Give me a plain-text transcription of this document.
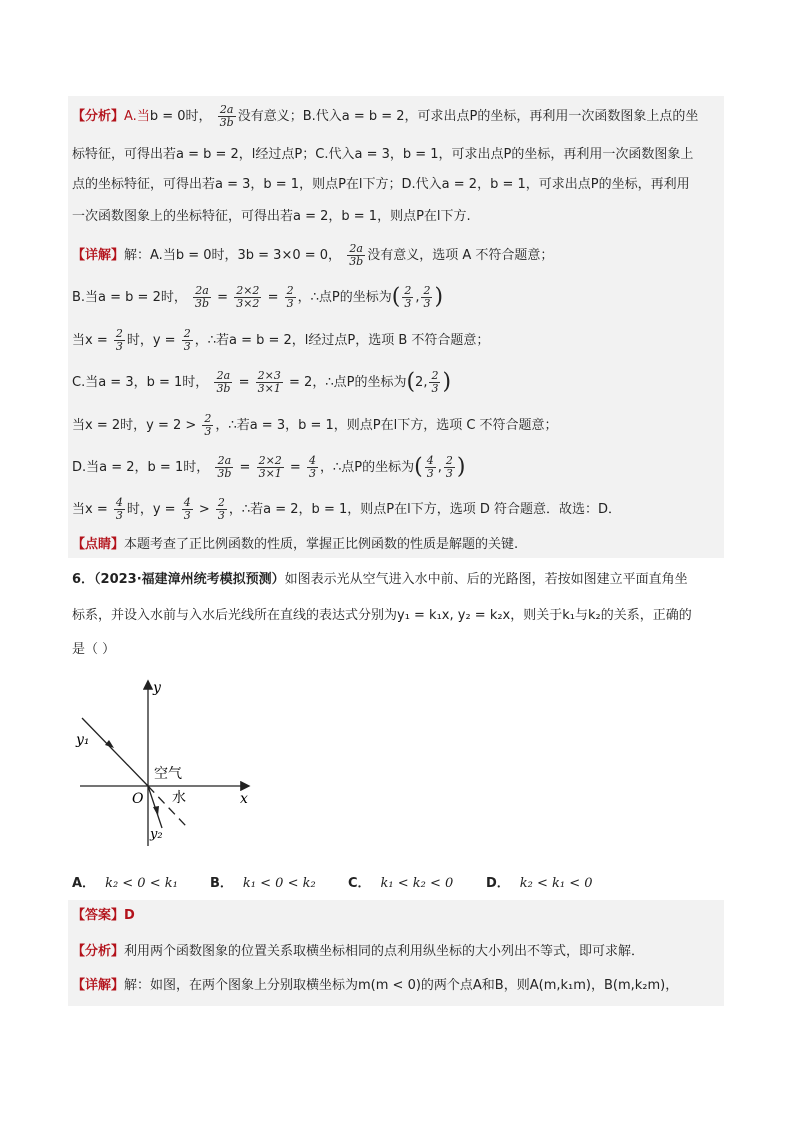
【分析】A.当b = 0时， $\frac{2a}{3b}$ 没有意义；B.代入a = b = 2，可求出点P的坐标，再利用一次函数图象上点的坐
标特征，可得出若a = b = 2，l经过点P；C.代入a = 3，b = 1，可求出点P的坐标，再利用一次函数图象上
点的坐标特征，可得出若a = 3，b = 1，则点P在l下方；D.代入a = 2，b = 1，可求出点P的坐标，再利用
一次函数图象上的坐标特征，可得出若a = 2，b = 1，则点P在l下方.
【详解】解：A.当b = 0时，3b = 3×0 = 0， $\frac{2a}{3b}$ 没有意义，选项 A 不符合题意；
B.当a = b = 2时， $\frac{2a}{3b} = \frac{2\times 2}{3\times 2} = \frac{2}{3}$ ，∴点P的坐标为( $\frac{2}{3}$ , $\frac{2}{3}$ )
当$x = \frac{2}{3}$ 时，$y = \frac{2}{3}$ ，∴若a = b = 2，l经过点P，选项 B 不符合题意；
C.当a = 3，b = 1时， $\frac{2a}{3b} = \frac{2\times 3}{3\times 1} = 2$，∴点P的坐标为(2, $\frac{2}{3}$ )
当x = 2时，$y = 2 > \frac{2}{3}$ ，∴若a = 3，b = 1，则点P在l下方，选项 C 不符合题意；
D.当a = 2，b = 1时， $\frac{2a}{3b} = \frac{2\times 2}{3\times 1} = \frac{4}{3}$ ，∴点P的坐标为( $\frac{4}{3}$ , $\frac{2}{3}$ )
当$x = \frac{4}{3}$ 时，$y = \frac{4}{3} > \frac{2}{3}$ ，∴若a = 2，b = 1，则点P在l下方，选项 D 符合题意．故选：D．
【点睛】本题考查了正比例函数的性质，掌握正比例函数的性质是解题的关键.
6．（2023·福建漳州统考模拟预测）如图表示光从空气进入水中前、后的光路图，若按如图建立平面直角坐
标系，并设入水前与入水后光线所在直线的表达式分别为y₁ = k₁x, y₂ = k₂x，则关于k₁与k₂的关系，正确的
是（ ）
y
x
O
y₁
y₂
空气
水
A． k₂ < 0 < k₁ B． k₁ < 0 < k₂ C． k₁ < k₂ < 0	D． k₂ < k₁ < 0
【答案】D
【分析】利用两个函数图象的位置关系取横坐标相同的点利用纵坐标的大小列出不等式，即可求解．
【详解】解：如图，在两个图象上分别取横坐标为m(m < 0)的两个点A和B，则A(m,k₁m)，B(m,k₂m)，
